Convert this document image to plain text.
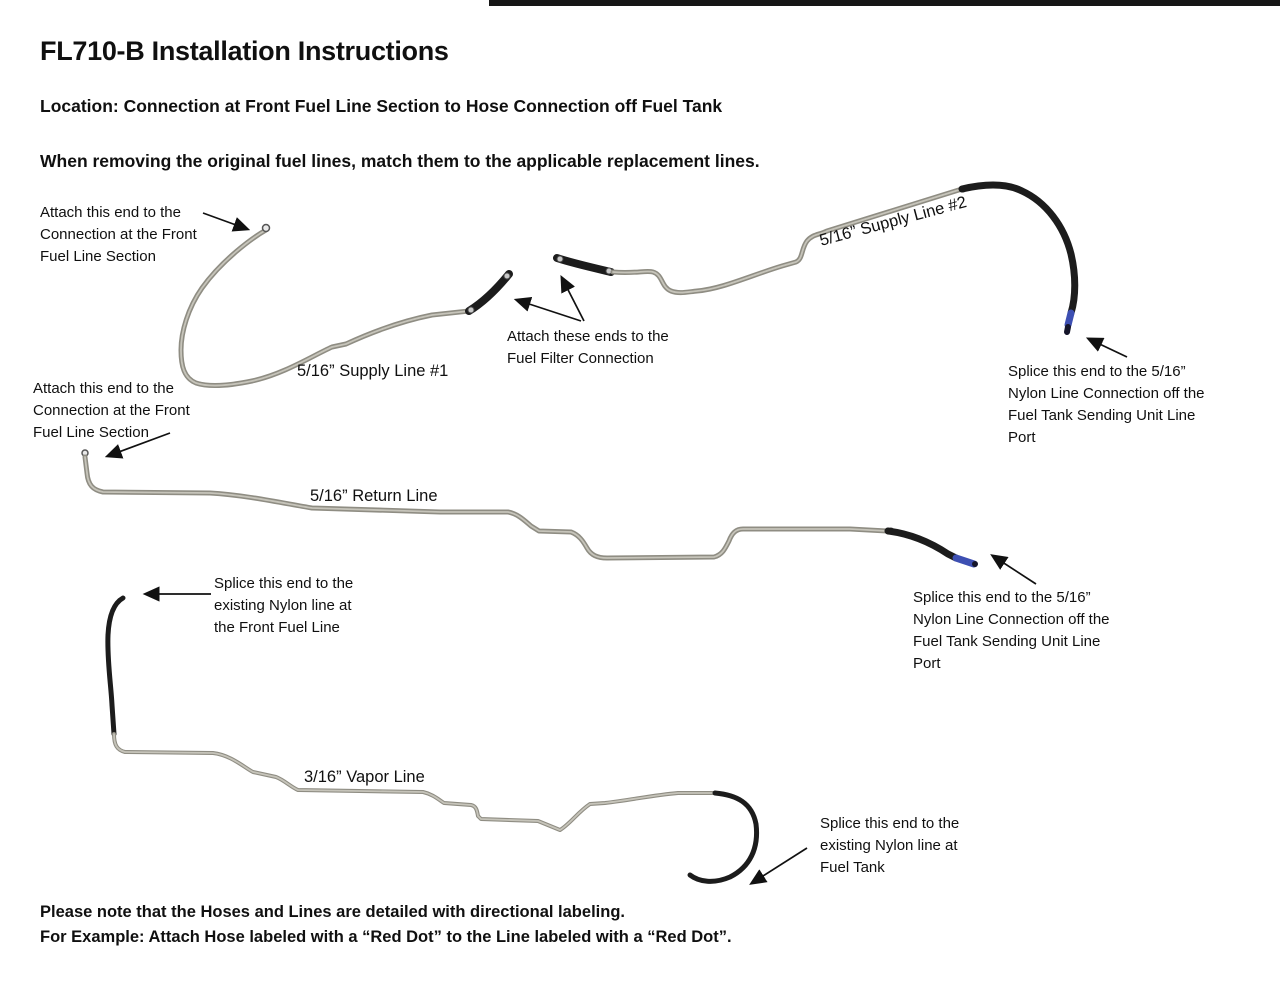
FL710-B Installation Instructions
Location: Connection at Front Fuel Line Section to Hose Connection off Fuel Tank
When removing the original fuel lines, match them to the applicable replacement lines.
Attach this end to the
Connection at the Front
Fuel Line Section
5/16” Supply Line #1
Attach these ends to the
Fuel Filter Connection
5/16” Supply Line #2
Splice this end to the 5/16”
Nylon Line Connection off the
Fuel Tank Sending Unit Line
Port
Attach this end to the
Connection at the Front
Fuel Line Section
5/16” Return Line
Splice this end to the
existing Nylon line at
the Front Fuel Line
Splice this end to the 5/16”
Nylon Line Connection off the
Fuel Tank Sending Unit Line
Port
3/16” Vapor Line
Splice this end to the
existing Nylon line at
Fuel Tank
Please note that the Hoses and Lines are detailed with directional labeling.
For Example: Attach Hose labeled with a “Red Dot” to the Line labeled with a “Red Dot”.
